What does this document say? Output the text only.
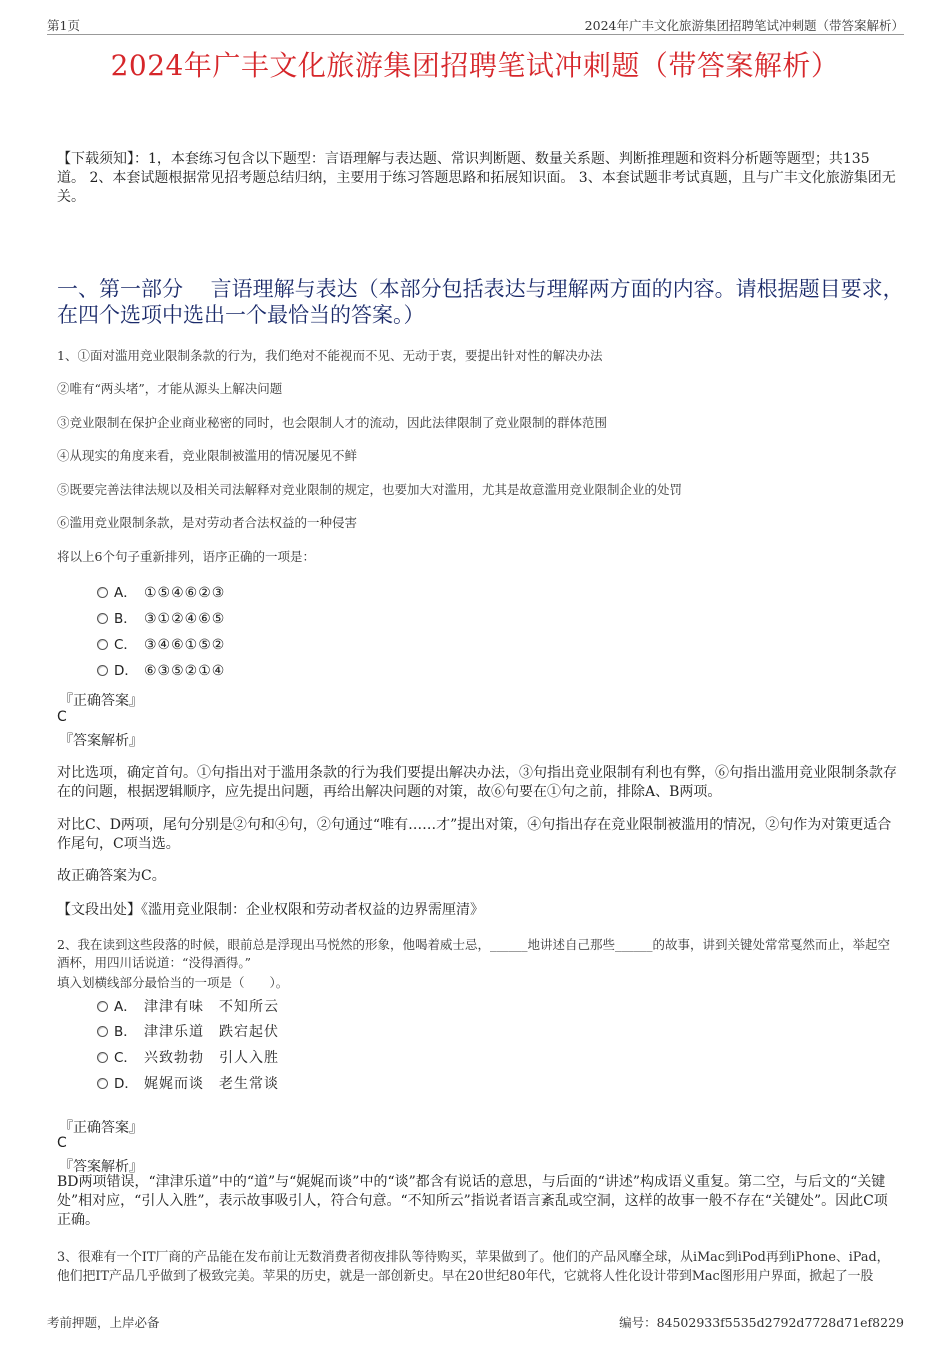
第1页	2024年广丰文化旅游集团招聘笔试冲刺题（带答案解析）
2024年广丰文化旅游集团招聘笔试冲刺题（带答案解析）
【下载须知】：1，本套练习包含以下题型：言语理解与表达题、常识判断题、数量关系题、判断推理题和资料分析题等题型；共135道。 2、本套试题根据常见招考题总结归纳，主要用于练习答题思路和拓展知识面。 3、本套试题非考试真题，且与广丰文化旅游集团无关。
一、第一部分　 言语理解与表达（本部分包括表达与理解两方面的内容。请根据题目要求，在四个选项中选出一个最恰当的答案。）
1、①面对滥用竞业限制条款的行为，我们绝对不能视而不见、无动于衷，要提出针对性的解决办法
②唯有“两头堵”，才能从源头上解决问题
③竞业限制在保护企业商业秘密的同时，也会限制人才的流动，因此法律限制了竞业限制的群体范围
④从现实的角度来看，竞业限制被滥用的情况屡见不鲜
⑤既要完善法律法规以及相关司法解释对竞业限制的规定，也要加大对滥用，尤其是故意滥用竞业限制企业的处罚
⑥滥用竞业限制条款，是对劳动者合法权益的一种侵害
将以上6个句子重新排列，语序正确的一项是：
A． ①⑤④⑥②③
B． ③①②④⑥⑤
C． ③④⑥①⑤②
D． ⑥③⑤②①④
『正确答案』
C
『答案解析』
对比选项，确定首句。①句指出对于滥用条款的行为我们要提出解决办法，③句指出竞业限制有利也有弊，⑥句指出滥用竞业限制条款存在的问题，根据逻辑顺序，应先提出问题，再给出解决问题的对策，故⑥句要在①句之前，排除A、B两项。
对比C、D两项，尾句分别是②句和④句，②句通过“唯有……才”提出对策，④句指出存在竞业限制被滥用的情况，②句作为对策更适合作尾句，C项当选。
故正确答案为C。
【文段出处】《滥用竞业限制：企业权限和劳动者权益的边界需厘清》
2、我在读到这些段落的时候，眼前总是浮现出马悦然的形象，他喝着威士忌，______地讲述自己那些______的故事，讲到关键处常常戛然而止，举起空酒杯，用四川话说道：“没得酒得。”
填入划横线部分最恰当的一项是（　　）。
A． 津津有味　不知所云
B． 津津乐道　跌宕起伏
C． 兴致勃勃　引人入胜
D． 娓娓而谈　老生常谈
『正确答案』
C
『答案解析』
BD两项错误，“津津乐道”中的“道”与“娓娓而谈”中的“谈”都含有说话的意思，与后面的“讲述”构成语义重复。第二空，与后文的“关键处”相对应，“引人入胜”，表示故事吸引人，符合句意。“不知所云”指说者语言紊乱或空洞，这样的故事一般不存在“关键处”。因此C项正确。
3、很难有一个IT厂商的产品能在发布前让无数消费者彻夜排队等待购买，苹果做到了。他们的产品风靡全球，从iMac到iPod再到iPhone、iPad，他们把IT产品几乎做到了极致完美。苹果的历史，就是一部创新史。早在20世纪80年代，它就将人性化设计带到Mac图形用户界面，掀起了一股
考前押题，上岸必备	编号：84502933f5535d2792d7728d71ef8229
